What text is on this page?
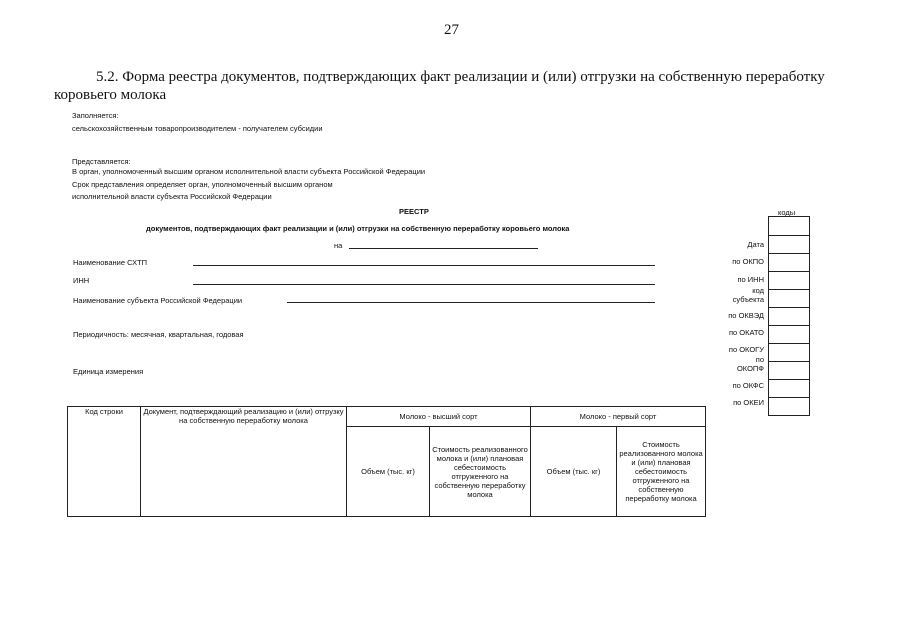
27
5.2. Форма реестра документов, подтверждающих факт реализации и (или) отгрузки на собственную переработку коровьего молока
Заполняется:
сельскохозяйственным товаропроизводителем - получателем субсидии
Представляется:
В орган, уполномоченный высшим органом исполнительной власти субъекта Российской Федерации
Срок представления определяет орган, уполномоченный высшим органом
исполнительной власти субъекта Российской Федерации
РЕЕСТР
документов, подтверждающих факт реализации и (или) отгрузки на собственную переработку коровьего молока
на
Наименование СХТП
ИНН
Наименование субъекта Российской Федерации
Периодичность: месячная, квартальная, годовая
Единица измерения
коды
Дата
по ОКПО
по ИНН
код
субъекта
по ОКВЭД
по ОКАТО
по ОКОГУ
по
ОКОПФ
по ОКФС
по ОКЕИ
Код строки	Документ, подтверждающий реализацию и (или) отгрузку на собственную переработку молока	Молоко - высший сорт		Молоко - первый сорт	
		Объем (тыс. кг)	Стоимость реализованного молока и (или) плановая себестоимость отгруженного на собственную переработку молока	Объем (тыс. кг)	Стоимость реализованного молока и (или) плановая себестоимость отгруженного на собственную переработку молока
